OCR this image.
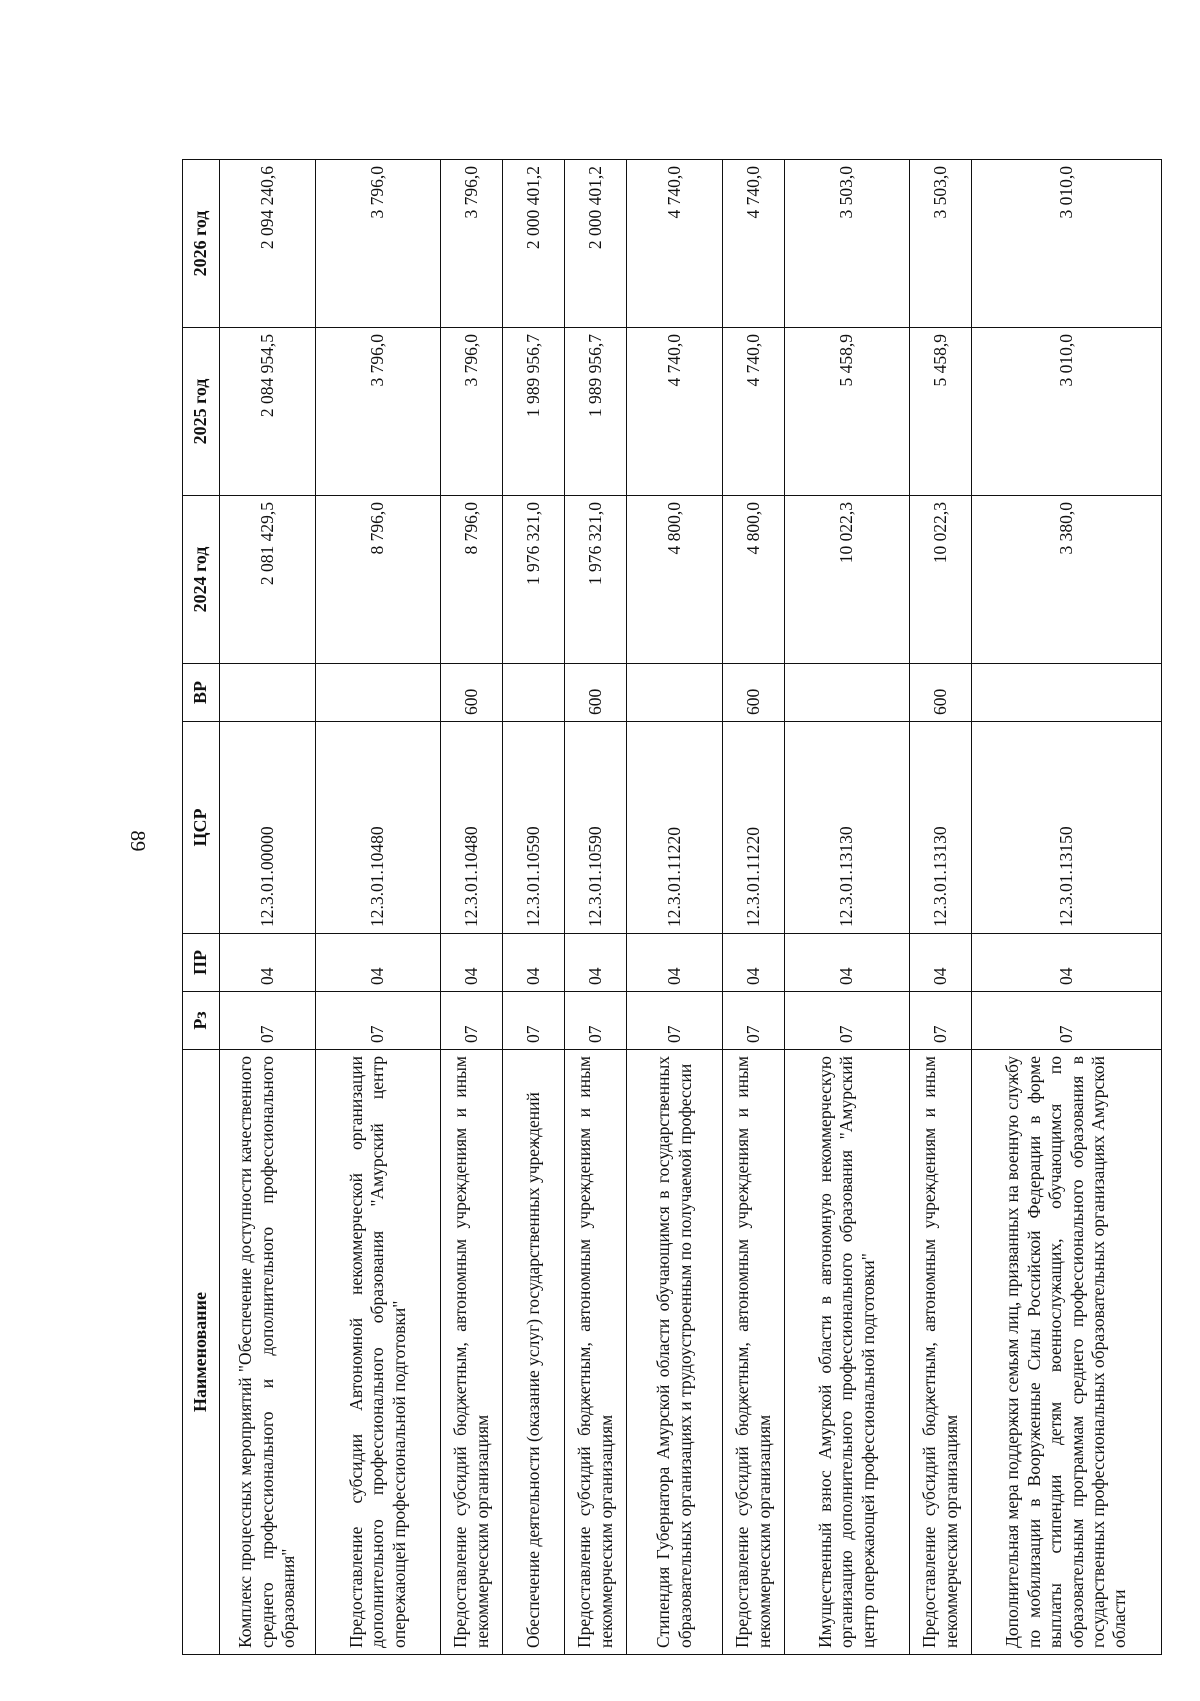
89
Наименование	Рз	ПР	ЦСР	ВР	2024 год	2025 год	2026 год
Комплекс процессных мероприятий "Обеспечение доступности качественного среднего профессионального и дополнительного профессионального образования"	07	04	12.3.01.00000		2 081 429,5	2 084 954,5	2 094 240,6
Предоставление субсидии Автономной некоммерческой организации дополнительного профессионального образования "Амурский центр опережающей профессиональной подготовки"	07	04	12.3.01.10480		8 796,0	3 796,0	3 796,0
Предоставление субсидий бюджетным, автономным учреждениям и иным некоммерческим организациям	07	04	12.3.01.10480	600	8 796,0	3 796,0	3 796,0
Обеспечение деятельности (оказание услуг) государственных учреждений	07	04	12.3.01.10590		1 976 321,0	1 989 956,7	2 000 401,2
Предоставление субсидий бюджетным, автономным учреждениям и иным некоммерческим организациям	07	04	12.3.01.10590	600	1 976 321,0	1 989 956,7	2 000 401,2
Стипендия Губернатора Амурской области обучающимся в государственных образовательных организациях и трудоустроенным по получаемой профессии	07	04	12.3.01.11220		4 800,0	4 740,0	4 740,0
Предоставление субсидий бюджетным, автономным учреждениям и иным некоммерческим организациям	07	04	12.3.01.11220	600	4 800,0	4 740,0	4 740,0
Имущественный взнос Амурской области в автономную некоммерческую организацию дополнительного профессионального образования "Амурский центр опережающей профессиональной подготовки"	07	04	12.3.01.13130		10 022,3	5 458,9	3 503,0
Предоставление субсидий бюджетным, автономным учреждениям и иным некоммерческим организациям	07	04	12.3.01.13130	600	10 022,3	5 458,9	3 503,0
Дополнительная мера поддержки семьям лиц, призванных на военную службу по мобилизации в Вооруженные Силы Российской Федерации в форме выплаты стипендии детям военнослужащих, обучающимся по образовательным программам среднего профессионального образования в государственных профессиональных образовательных организациях Амурской области	07	04	12.3.01.13150		3 380,0	3 010,0	3 010,0
